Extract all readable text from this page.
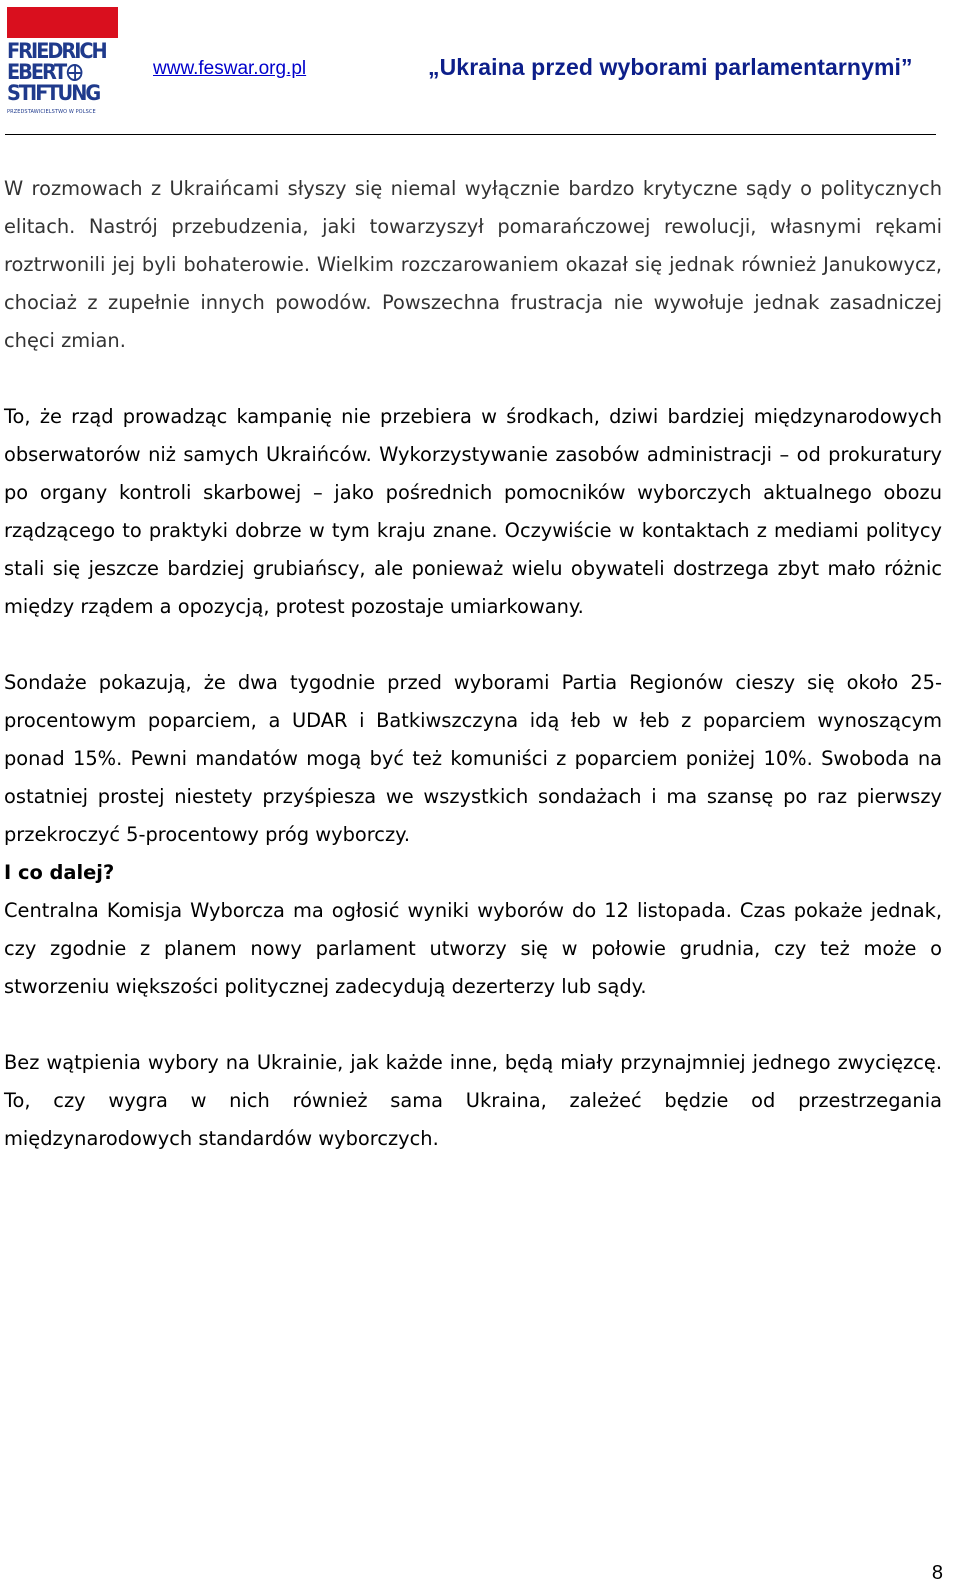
FRIEDRICH
EBERT
STIFTUNG
PRZEDSTAWICIELSTWO W POLSCE
www.feswar.org.pl	„Ukraina przed wyborami parlamentarnymi”

W rozmowach z Ukraińcami słyszy się niemal wyłącznie bardzo krytyczne sądy o politycznych elitach. Nastrój przebudzenia, jaki towarzyszył pomarańczowej rewolucji, własnymi rękami roztrwonili jej byli bohaterowie. Wielkim rozczarowaniem okazał się jednak również Janukowycz, chociaż z zupełnie innych powodów. Powszechna frustracja nie wywołuje jednak zasadniczej chęci zmian.

To, że rząd prowadząc kampanię nie przebiera w środkach, dziwi bardziej międzynarodowych obserwatorów niż samych Ukraińców. Wykorzystywanie zasobów administracji – od prokuratury po organy kontroli skarbowej – jako pośrednich pomocników wyborczych aktualnego obozu rządzącego to praktyki dobrze w tym kraju znane. Oczywiście w kontaktach z mediami politycy stali się jeszcze bardziej grubiańscy, ale ponieważ wielu obywateli dostrzega zbyt mało różnic między rządem a opozycją, protest pozostaje umiarkowany.

Sondaże pokazują, że dwa tygodnie przed wyborami Partia Regionów cieszy się około 25-procentowym poparciem, a UDAR i Batkiwszczyna idą łeb w łeb z poparciem wynoszącym ponad 15%. Pewni mandatów mogą być też komuniści z poparciem poniżej 10%. Swoboda na ostatniej prostej niestety przyśpiesza we wszystkich sondażach i ma szansę po raz pierwszy przekroczyć 5-procentowy próg wyborczy.

I co dalej?

Centralna Komisja Wyborcza ma ogłosić wyniki wyborów do 12 listopada. Czas pokaże jednak, czy zgodnie z planem nowy parlament utworzy się w połowie grudnia, czy też może o stworzeniu większości politycznej zadecydują dezerterzy lub sądy.

Bez wątpienia wybory na Ukrainie, jak każde inne, będą miały przynajmniej jednego zwycięzcę. To, czy wygra w nich również sama Ukraina, zależeć będzie od przestrzegania międzynarodowych standardów wyborczych.

8
